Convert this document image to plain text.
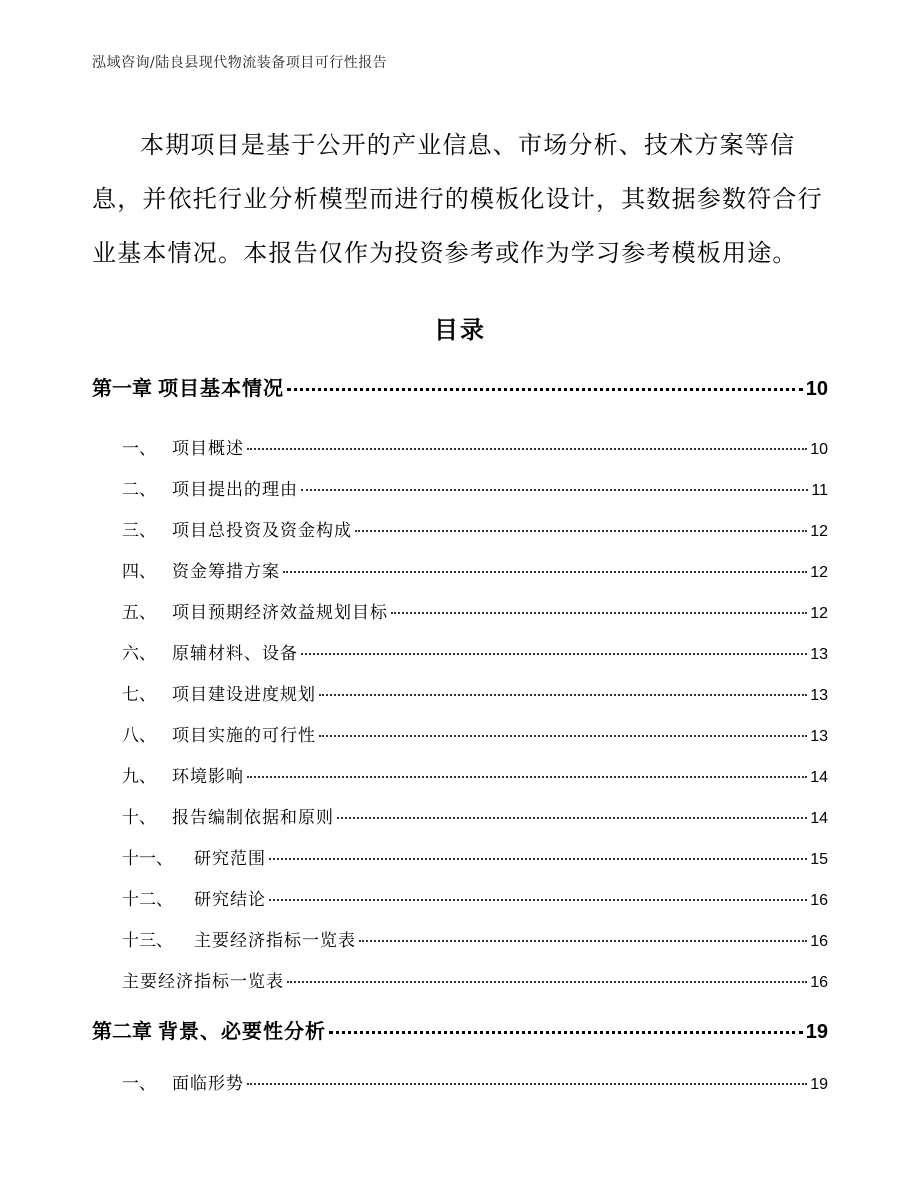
泓域咨询/陆良县现代物流装备项目可行性报告

本期项目是基于公开的产业信息、市场分析、技术方案等信息，并依托行业分析模型而进行的模板化设计，其数据参数符合行业基本情况。本报告仅作为投资参考或作为学习参考模板用途。

目录
第一章 项目基本情况	10
一、 项目概述	10
二、 项目提出的理由	11
三、 项目总投资及资金构成	12
四、 资金筹措方案	12
五、 项目预期经济效益规划目标	12
六、 原辅材料、设备	13
七、 项目建设进度规划	13
八、 项目实施的可行性	13
九、 环境影响	14
十、 报告编制依据和原则	14
十一、	研究范围	15
十二、	研究结论	16
十三、	主要经济指标一览表	16
主要经济指标一览表	16
第二章 背景、必要性分析	19
一、 面临形势	19
